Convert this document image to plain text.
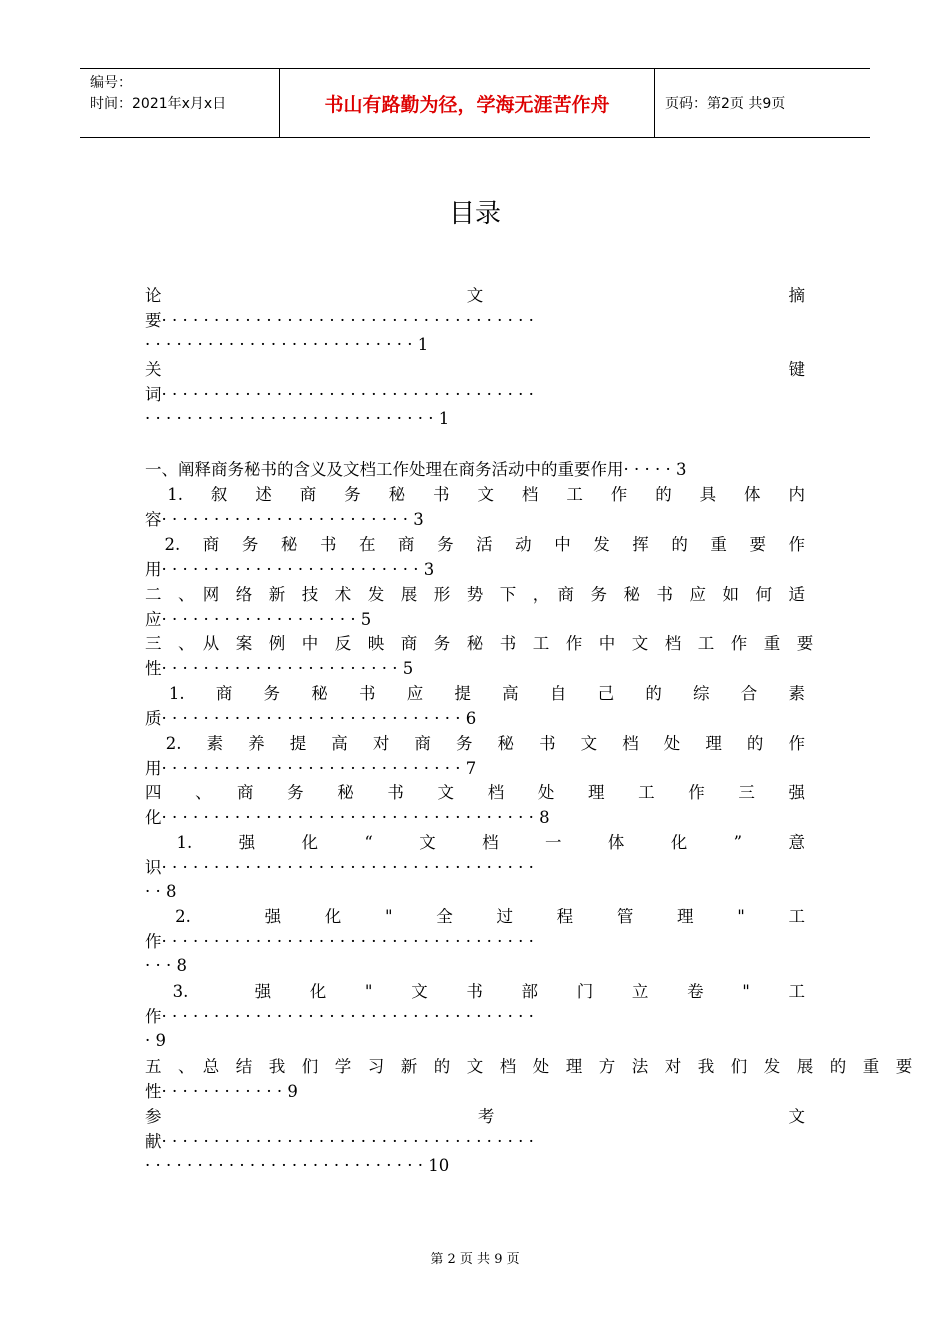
编号：
时间：2021年x月x日	书山有路勤为径，学海无涯苦作舟	页码：第2页 共9页
目录
论　　　　　　　　　　　　　文　　　　　　　　　　　　　摘
要· · · · · · · · · · · · · · · · · · · · · · · · · · · · · · · · · · · ·
· · · · · · · · · · · · · · · · · · · · · · · · · · 1
关　　　　　　　　　　　　　　　　　　　　　　　　　　　　键
词· · · · · · · · · · · · · · · · · · · · · · · · · · · · · · · · · · · ·
· · · · · · · · · · · · · · · · · · · · · · · · · · · · 1
一、阐释商务秘书的含义及文档工作处理在商务活动中的重要作用· · · · · 3
　1.　叙　述　商　务　秘　书　文　档　工　作　的　具　体　内
容· · · · · · · · · · · · · · · · · · · · · · · · 3
　2.　商　务　秘　书　在　商　务　活　动　中　发　挥　的　重　要　作
用· · · · · · · · · · · · · · · · · · · · · · · · · 3
二　、　网　络　新　技　术　发　展　形　势　下　，　商　务　秘　书　应　如　何　适
应· · · · · · · · · · · · · · · · · · · 5
三　、　从　案　例　中　反　映　商　务　秘　书　工　作　中　文　档　工　作　重　要
性· · · · · · · · · · · · · · · · · · · · · · · 5
　1.　商　务　秘　书　应　提　高　自　己　的　综　合　素
质· · · · · · · · · · · · · · · · · · · · · · · · · · · · · 6
　2.　素　养　提　高　对　商　务　秘　书　文　档　处　理　的　作
用· · · · · · · · · · · · · · · · · · · · · · · · · · · · · 7
四　、　商　务　秘　书　文　档　处　理　工　作　三　强
化· · · · · · · · · · · · · · · · · · · · · · · · · · · · · · · · · · · · 8
　1.　强　化　“　文　档　一　体　化　”　意
识· · · · · · · · · · · · · · · · · · · · · · · · · · · · · · · · · · · ·
· · 8
　2.　　强　化　"　全　过　程　管　理　"　工
作· · · · · · · · · · · · · · · · · · · · · · · · · · · · · · · · · · · ·
· · · 8
　3.　　强　化　"　文　书　部　门　立　卷　"　工
作· · · · · · · · · · · · · · · · · · · · · · · · · · · · · · · · · · · ·
· 9
五　、　总　结　我　们　学　习　新　的　文　档　处　理　方　法　对　我　们　发　展　的　重　要
性· · · · · · · · · · · · 9
参　　　　　　　　　　　　　　考　　　　　　　　　　　　　文
献· · · · · · · · · · · · · · · · · · · · · · · · · · · · · · · · · · · ·
· · · · · · · · · · · · · · · · · · · · · · · · · · · 10
第 2 页 共 9 页
